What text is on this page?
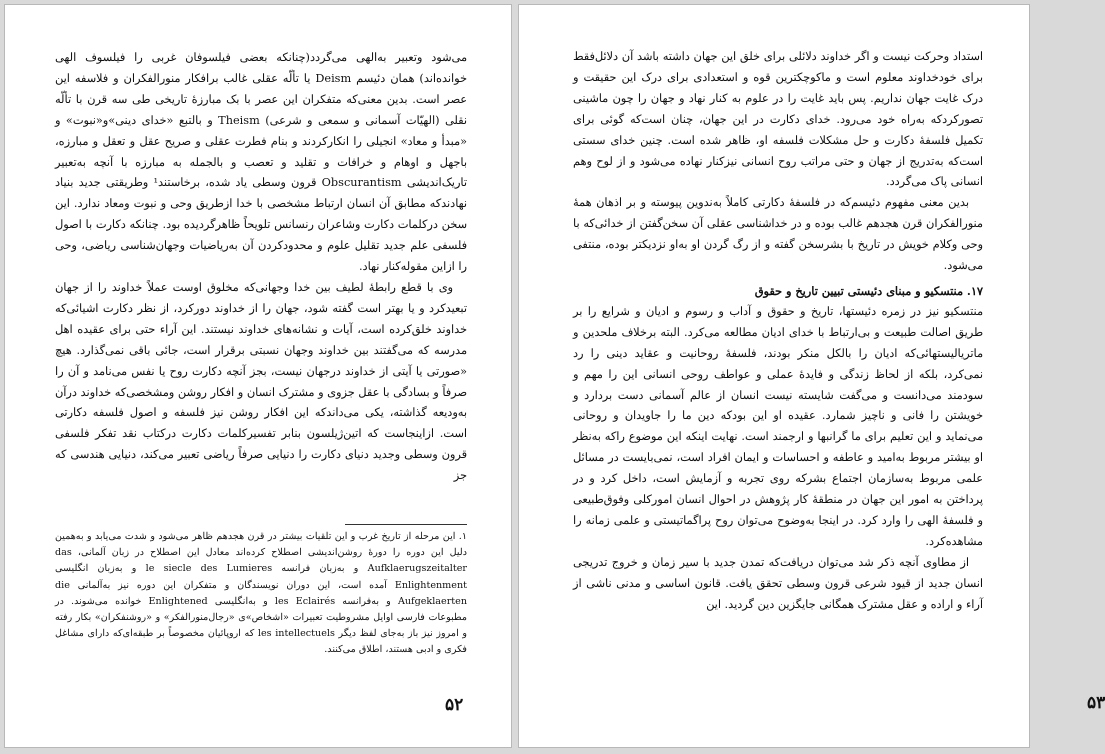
می‌شود وتعبیر به‌الهی می‌گردد(چنانکه بعضی فیلسوفان غربی را فیلسوف الهی خوانده‌اند) همان دئیسم Deism یا تألّه عقلی غالب برافکار منورالفکران و فلاسفه این عصر است. بدین معنی‌که متفکران این عصر با بک مبارزهٔ تاریخی طی سه قرن با تألّه نقلی (الهیّات آسمانی و سمعی و شرعی) Theism و بالتبع «خدای دینی»و«نبوت» و «مبدأ و معاد» انجیلی را انکارکردند و بنام فطرت عقلی و صریح عقل و تعقل و مبارزه، باجهل و اوهام و خرافات و تقلید و تعصب و بالجمله به مبارزه با آنچه به‌تعبیر تاریک‌اندیشی Obscurantism قرون وسطی یاد شده، برخاستند¹ وطریقتی جدید بنیاد نهادندکه مطابق آن انسان ارتباط مشخصی با خدا ازطریق وحی و نبوت ومعاد ندارد. این سخن درکلمات دکارت وشاعران رنسانس تلویحاً ظاهرگردیده بود. چنانکه دکارت با اصول فلسفی علم جدید تقلیل علوم و محدودکردن آن به‌ریاضیات وجهان‌شناسی ریاضی، وحی را ازاین مقوله‌کنار نهاد.

وی با قطع رابطهٔ لطیف بین خدا وجهانی‌که مخلوق اوست عملاً خداوند را از جهان تبعیدکرد و یا بهتر است گفته شود، جهان را از خداوند دورکرد، از نظر دکارت اشیائی‌که خداوند خلق‌کرده است، آیات و نشانه‌های خداوند نیستند. این آراء حتی برای عقیده اهل مدرسه که می‌گفتند بین خداوند وجهان نسبتی برقرار است، جائی باقی نمی‌گذارد. هیچ «صورتی یا آیتی از خداوند درجهان نیست، بجز آنچه دکارت روح یا نفس می‌نامد و آن را صرفاً و بسادگی با عقل جزوی و مشترک انسان و افکار روشن ومشخصی‌که خداوند درآن به‌ودیعه گذاشته، یکی می‌داند‌که این افکار روشن نیز فلسفه و اصول فلسفه دکارتی است. ازاینجاست که اتین‌ژیلسون بنابر تفسیرکلمات دکارت درکتاب نقد تفکر فلسفی قرون وسطی وجدید دنیای دکارت را دنیایی صرفاً ریاضی تعبیر می‌کند، دنیایی هندسی که جز

۱. این مرحله از تاریخ غرب و این تلقیات بیشتر در قرن هجدهم ظاهر می‌شود و شدت می‌یابد و به‌همین دلیل این دوره را دورهٔ روشن‌اندیشی اصطلاح کرده‌اند معادل این اصطلاح در زبان آلمانی، das Aufklaerugszeitalter و به‌زبان فرانسه le siecle des Lumieres و به‌زبان انگلیسی Enlightenment آمده است، این دوران نویسندگان و متفکران این دوره نیز به‌آلمانی die Aufgeklaerten و به‌فرانسه les Eclairés و به‌انگلیسی Enlightened خوانده می‌شوند. در مطبوعات فارسی اوایل مشروطیت تعبیرات «اشخاص»ی «رجال‌منورالفکر» و «روشنفکران» بکار رفته و امروز نیز باز به‌جای لفظ دیگر les intellectuels که اروپائیان مخصوصاً بر طبقه‌ای‌که دارای مشاغل فکری و ادبی هستند، اطلاق می‌کنند.
۵۲

استداد وحرکت نیست و اگر خداوند دلائلی برای خلق این جهان داشته باشد آن دلائل‌فقط برای خودخداوند معلوم است و ماکوچکترین قوه و استعدادی برای درک این حقیقت و درک غایت جهان نداریم. پس باید غایت را در علوم به کنار نهاد و جهان را چون ماشینی تصورکرد‌که به‌راه خود می‌رود. خدای دکارت در این جهان، چنان است‌که گوئی برای تکمیل فلسفهٔ دکارت و حل مشکلات فلسفه او، ظاهر شده است. چنین خدای سستی است‌که به‌تدریج از جهان و حتی مراتب روح انسانی نیزکنار نهاده می‌شود و از لوح وهم انسانی پاک می‌گردد.

بدین معنی مفهوم دئیسم‌که در فلسفهٔ دکارتی کاملاً به‌ندوین پیوسته و بر اذهان همهٔ منورالفکران قرن هجدهم غالب بوده و در خداشناسی عقلی آن سخن‌گفتن از خدائی‌که با وحی وکلام خویش در تاریخ با بشرسخن گفته و از رگ گردن او به‌او نزدیکتر بوده، منتفی می‌شود.

۱۷. منتسکیو و مبنای دئیستی تبیین تاریخ و حقوق

منتسکیو نیز در زمره دئیستها، تاریخ و حقوق و آداب و رسوم و ادیان و شرایع را بر طریق اصالت طبیعت و بی‌ارتباط با خدای ادیان مطالعه می‌کرد. البته برخلاف ملحدین و ماتریالیستهائی‌که ادیان را بالکل منکر بودند، فلسفهٔ روحانیت و عقاید دینی را رد نمی‌کرد، بلکه از لحاظ زندگی و فایدهٔ عملی و عواطف روحی انسانی این را مهم و سودمند می‌دانست و می‌گفت شایسته نیست انسان از عالم آسمانی دست بردارد و خویشتن را فانی و ناچیز شمارد. عقیده او این بود‌که دین ما را جاویدان و روحانی می‌نماید و این تعلیم برای ما گرانبها و ارجمند است. نهایت اینکه این موضوع را‌که به‌نظر او بیشتر مربوط به‌امید و عاطفه و احساسات و ایمان افراد است، نمی‌بایست در مسائل علمی مربوط به‌سازمان اجتماع بشرکه روی تجربه و آزمایش است، داخل کرد و در پرداختن به امور این جهان در منطقهٔ کار پژوهش در احوال انسان امورکلی وفوق‌طبیعی و فلسفهٔ الهی را وارد کرد. در اینجا به‌وضوح می‌توان روح پراگماتیستی و علمی زمانه را مشاهده‌کرد.

از مطاوی آنچه ذکر شد می‌توان دریافت‌که تمدن جدید با سیر زمان و خروج تدریجی انسان جدید از قیود شرعی قرون وسطی تحقق یافت. قانون اساسی و مدنی ناشی از آراء و اراده و عقل مشترک همگانی جایگزین دین گردید. این

۵۳
